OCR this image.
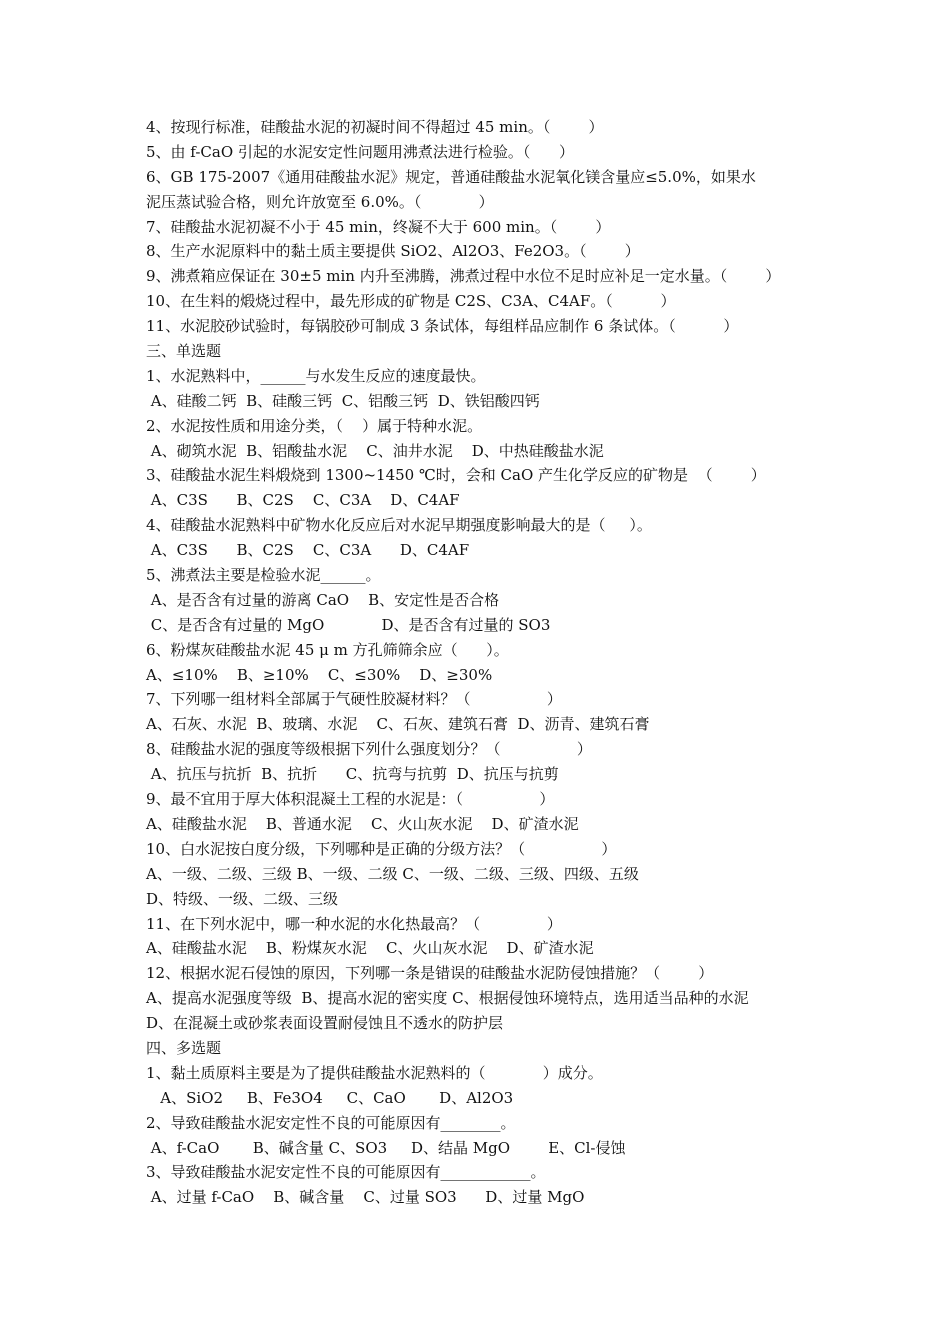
4、按现行标准，硅酸盐水泥的初凝时间不得超过 45 min。（        ）
5、由 f-CaO 引起的水泥安定性问题用沸煮法进行检验。（      ）
6、GB 175-2007《通用硅酸盐水泥》规定，普通硅酸盐水泥氧化镁含量应≤5.0%，如果水
泥压蒸试验合格，则允许放宽至 6.0%。（            ）
7、硅酸盐水泥初凝不小于 45 min，终凝不大于 600 min。（        ）
8、生产水泥原料中的黏土质主要提供 SiO2、Al2O3、Fe2O3。（        ）
9、沸煮箱应保证在 30±5 min 内升至沸腾，沸煮过程中水位不足时应补足一定水量。（        ）
10、在生料的煅烧过程中，最先形成的矿物是 C2S、C3A、C4AF。（          ）
11、水泥胶砂试验时，每锅胶砂可制成 3 条试体，每组样品应制作 6 条试体。（          ）
三、单选题
1、水泥熟料中，______与水发生反应的速度最快。
A、硅酸二钙  B、硅酸三钙  C、铝酸三钙  D、铁铝酸四钙
2、水泥按性质和用途分类，（    ）属于特种水泥。
A、砌筑水泥  B、铝酸盐水泥    C、油井水泥    D、中热硅酸盐水泥
3、硅酸盐水泥生料煅烧到 1300~1450 ℃时，会和 CaO 产生化学反应的矿物是  （        ）
A、C3S      B、C2S    C、C3A    D、C4AF
4、硅酸盐水泥熟料中矿物水化反应后对水泥早期强度影响最大的是（     ）。
A、C3S      B、C2S    C、C3A      D、C4AF
5、沸煮法主要是检验水泥______。
A、是否含有过量的游离 CaO    B、安定性是否合格
C、是否含有过量的 MgO            D、是否含有过量的 SO3
6、粉煤灰硅酸盐水泥 45 μ m 方孔筛筛余应（      ）。
A、≤10%    B、≥10%    C、≤30%    D、≥30%
7、下列哪一组材料全部属于气硬性胶凝材料？（                ）
A、石灰、水泥  B、玻璃、水泥    C、石灰、建筑石膏  D、沥青、建筑石膏
8、硅酸盐水泥的强度等级根据下列什么强度划分？（                ）
A、抗压与抗折  B、抗折      C、抗弯与抗剪  D、抗压与抗剪
9、最不宜用于厚大体积混凝土工程的水泥是：（                ）
A、硅酸盐水泥    B、普通水泥    C、火山灰水泥    D、矿渣水泥
10、白水泥按白度分级，下列哪种是正确的分级方法？（                ）
A、一级、二级、三级 B、一级、二级 C、一级、二级、三级、四级、五级
D、特级、一级、二级、三级
11、在下列水泥中，哪一种水泥的水化热最高？（              ）
A、硅酸盐水泥    B、粉煤灰水泥    C、火山灰水泥    D、矿渣水泥
12、根据水泥石侵蚀的原因，下列哪一条是错误的硅酸盐水泥防侵蚀措施？（        ）
A、提高水泥强度等级  B、提高水泥的密实度 C、根据侵蚀环境特点，选用适当品种的水泥
D、在混凝土或砂浆表面设置耐侵蚀且不透水的防护层
四、多选题
1、黏土质原料主要是为了提供硅酸盐水泥熟料的（            ）成分。
A、SiO2     B、Fe3O4     C、CaO       D、Al2O3
2、导致硅酸盐水泥安定性不良的可能原因有________。
A、f-CaO       B、碱含量 C、SO3     D、结晶 MgO        E、Cl-侵蚀
3、导致硅酸盐水泥安定性不良的可能原因有____________。
A、过量 f-CaO    B、碱含量    C、过量 SO3      D、过量 MgO
